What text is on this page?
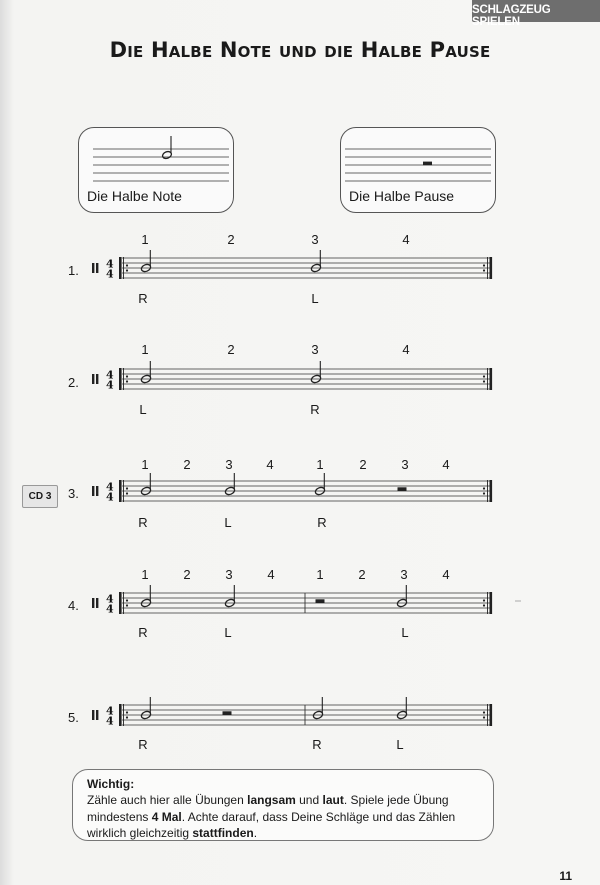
SCHLAGZEUG SPIELEN
Die Halbe Note und die Halbe Pause
Die Halbe Note	Die Halbe Pause
CD 3
4
4
4
4
4
4
4
4
4
4
1.
2.
3.
4.
5.
1	2	3	4
R	L
1	2	3	4
L	R
1	2	3	4	1	2	3	4
R	L	R
1	2	3	4	1	2	3	4
R	L	L
R	R	L
Wichtig:
Zähle auch hier alle Übungen langsam und laut. Spiele jede Übung
mindestens 4 Mal. Achte darauf, dass Deine Schläge und das Zählen
wirklich gleichzeitig stattfinden.
11
